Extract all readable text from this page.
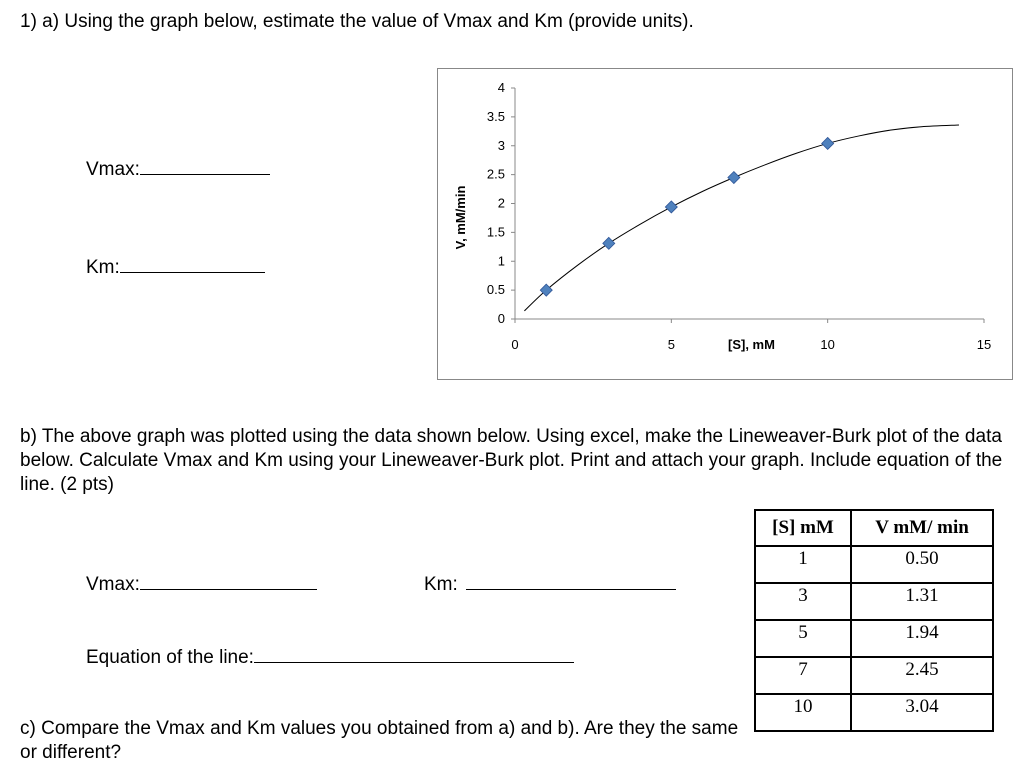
1) a) Using the graph below, estimate the value of Vmax and Km (provide units).
Vmax:
Km:
0
0.5
1
1.5
2
2.5
3
3.5
4
0	5	10	15
[S], mM
V, mM/min
b) The above graph was plotted using the data shown below. Using excel, make the Lineweaver-Burk plot of the data below. Calculate Vmax and Km using your Lineweaver-Burk plot. Print and attach your graph. Include equation of the line. (2 pts)
Vmax:	Km:
Equation of the line:
[S] mM	V mM/ min
1	0.50
3	1.31
5	1.94
7	2.45
10	3.04
c) Compare the Vmax and Km values you obtained from a) and b). Are they the same or different?
